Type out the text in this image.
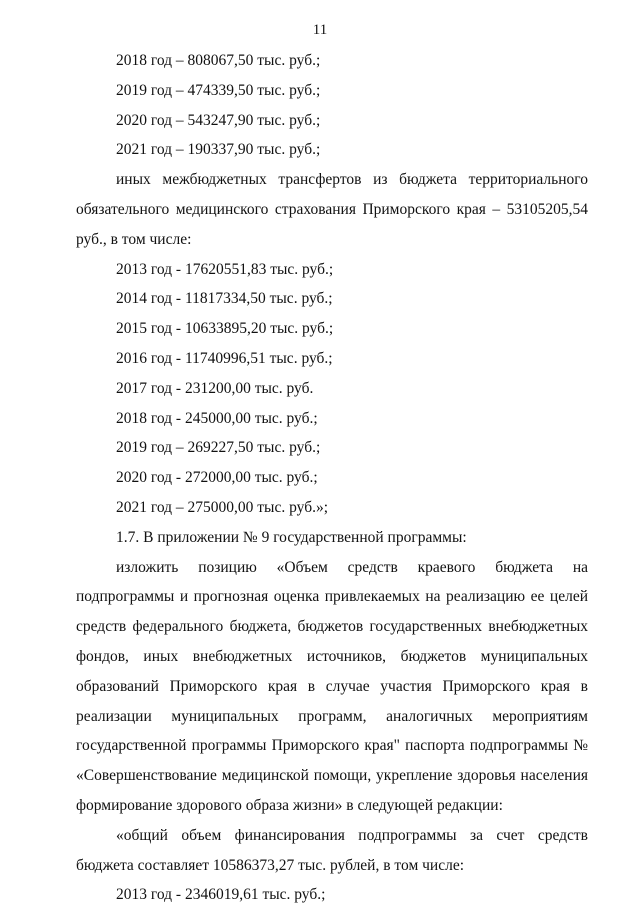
11
2018 год – 808067,50 тыс. руб.;
2019 год – 474339,50 тыс. руб.;
2020 год – 543247,90 тыс. руб.;
2021 год – 190337,90 тыс. руб.;
иных межбюджетных трансфертов из бюджета территориального
обязательного медицинского страхования Приморского края – 53105205,54
руб., в том числе:
2013 год - 17620551,83 тыс. руб.;
2014 год - 11817334,50 тыс. руб.;
2015 год - 10633895,20 тыс. руб.;
2016 год - 11740996,51 тыс. руб.;
2017 год - 231200,00 тыс. руб.
2018 год - 245000,00 тыс. руб.;
2019 год – 269227,50 тыс. руб.;
2020 год - 272000,00 тыс. руб.;
2021 год – 275000,00 тыс. руб.»;
1.7. В приложении № 9 государственной программы:
изложить позицию «Объем средств краевого бюджета на
подпрограммы и прогнозная оценка привлекаемых на реализацию ее целей
средств федерального бюджета, бюджетов государственных внебюджетных
фондов, иных внебюджетных источников, бюджетов муниципальных
образований Приморского края в случае участия Приморского края в
реализации муниципальных программ, аналогичных мероприятиям
государственной программы Приморского края" паспорта подпрограммы №
«Совершенствование медицинской помощи, укрепление здоровья населения
формирование здорового образа жизни» в следующей редакции:
«общий объем финансирования подпрограммы за счет средств
бюджета составляет 10586373,27 тыс. рублей, в том числе:
2013 год - 2346019,61 тыс. руб.;
